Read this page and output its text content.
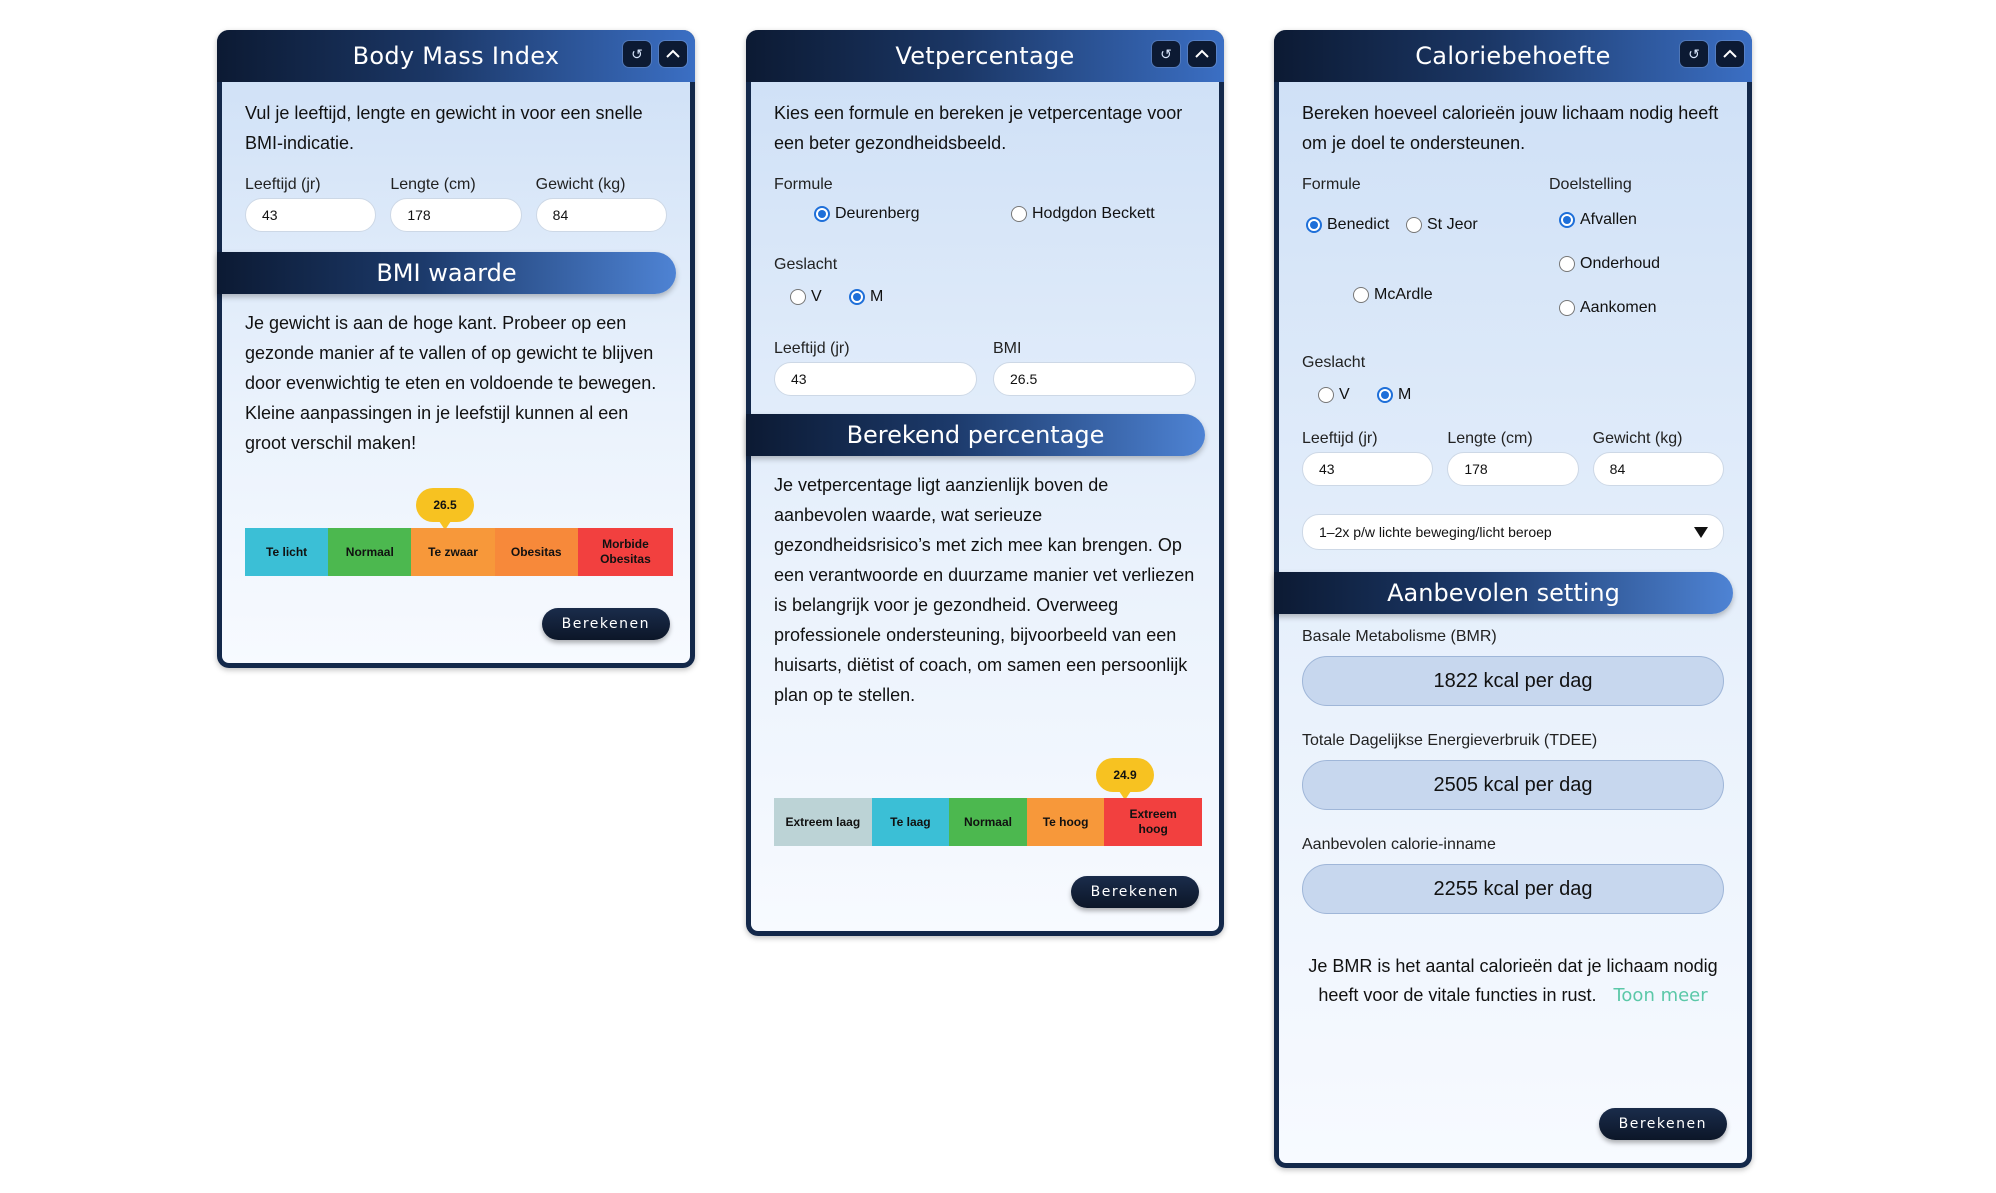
Body Mass Index	↺

Vul je leeftijd, lengte en gewicht in voor een snelle BMI-indicatie.

Leeftijd (jr)
43
Lengte (cm)
178
Gewicht (kg)
84
BMI waarde
Je gewicht is aan de hoge kant. Probeer op een gezonde manier af te vallen of op gewicht te blijven door evenwichtig te eten en voldoende te bewegen. Kleine aanpassingen in je leefstijl kunnen al een groot verschil maken!
26.5
Te licht	Normaal	Te zwaar	Obesitas
Morbide Obesitas
Berekenen
Vetpercentage	↺

Kies een formule en bereken je vetpercentage voor een beter gezondheidsbeeld.

Formule
Deurenberg	Hodgdon Beckett
Geslacht
V	M
Leeftijd (jr)
43
BMI
26.5
Berekend percentage
Je vetpercentage ligt aanzienlijk boven de aanbevolen waarde, wat serieuze gezondheidsrisico’s met zich mee kan brengen. Op een verantwoorde en duurzame manier vet verliezen is belangrijk voor je gezondheid. Overweeg professionele ondersteuning, bijvoorbeeld van een huisarts, diëtist of coach, om samen een persoonlijk plan op te stellen.
24.9
Extreem laag	Te laag	Normaal	Te hoog
Extreem hoog
Berekenen
Caloriebehoefte	↺

Bereken hoeveel calorieën jouw lichaam nodig heeft om je doel te ondersteunen.

Formule
Benedict St Jeor
McArdle
Doelstelling
Afvallen
Onderhoud
Aankomen
Geslacht
V	M
Leeftijd (jr)
43
Lengte (cm)
178
Gewicht (kg)
84
1–2x p/w lichte beweging/licht beroep
Aanbevolen setting
Basale Metabolisme (BMR)
1822 kcal per dag
Totale Dagelijkse Energieverbruik (TDEE)
2505 kcal per dag
Aanbevolen calorie-inname
2255 kcal per dag
Je BMR is het aantal calorieën dat je lichaam nodig heeft voor de vitale functies in rust. Toon meer
Berekenen
